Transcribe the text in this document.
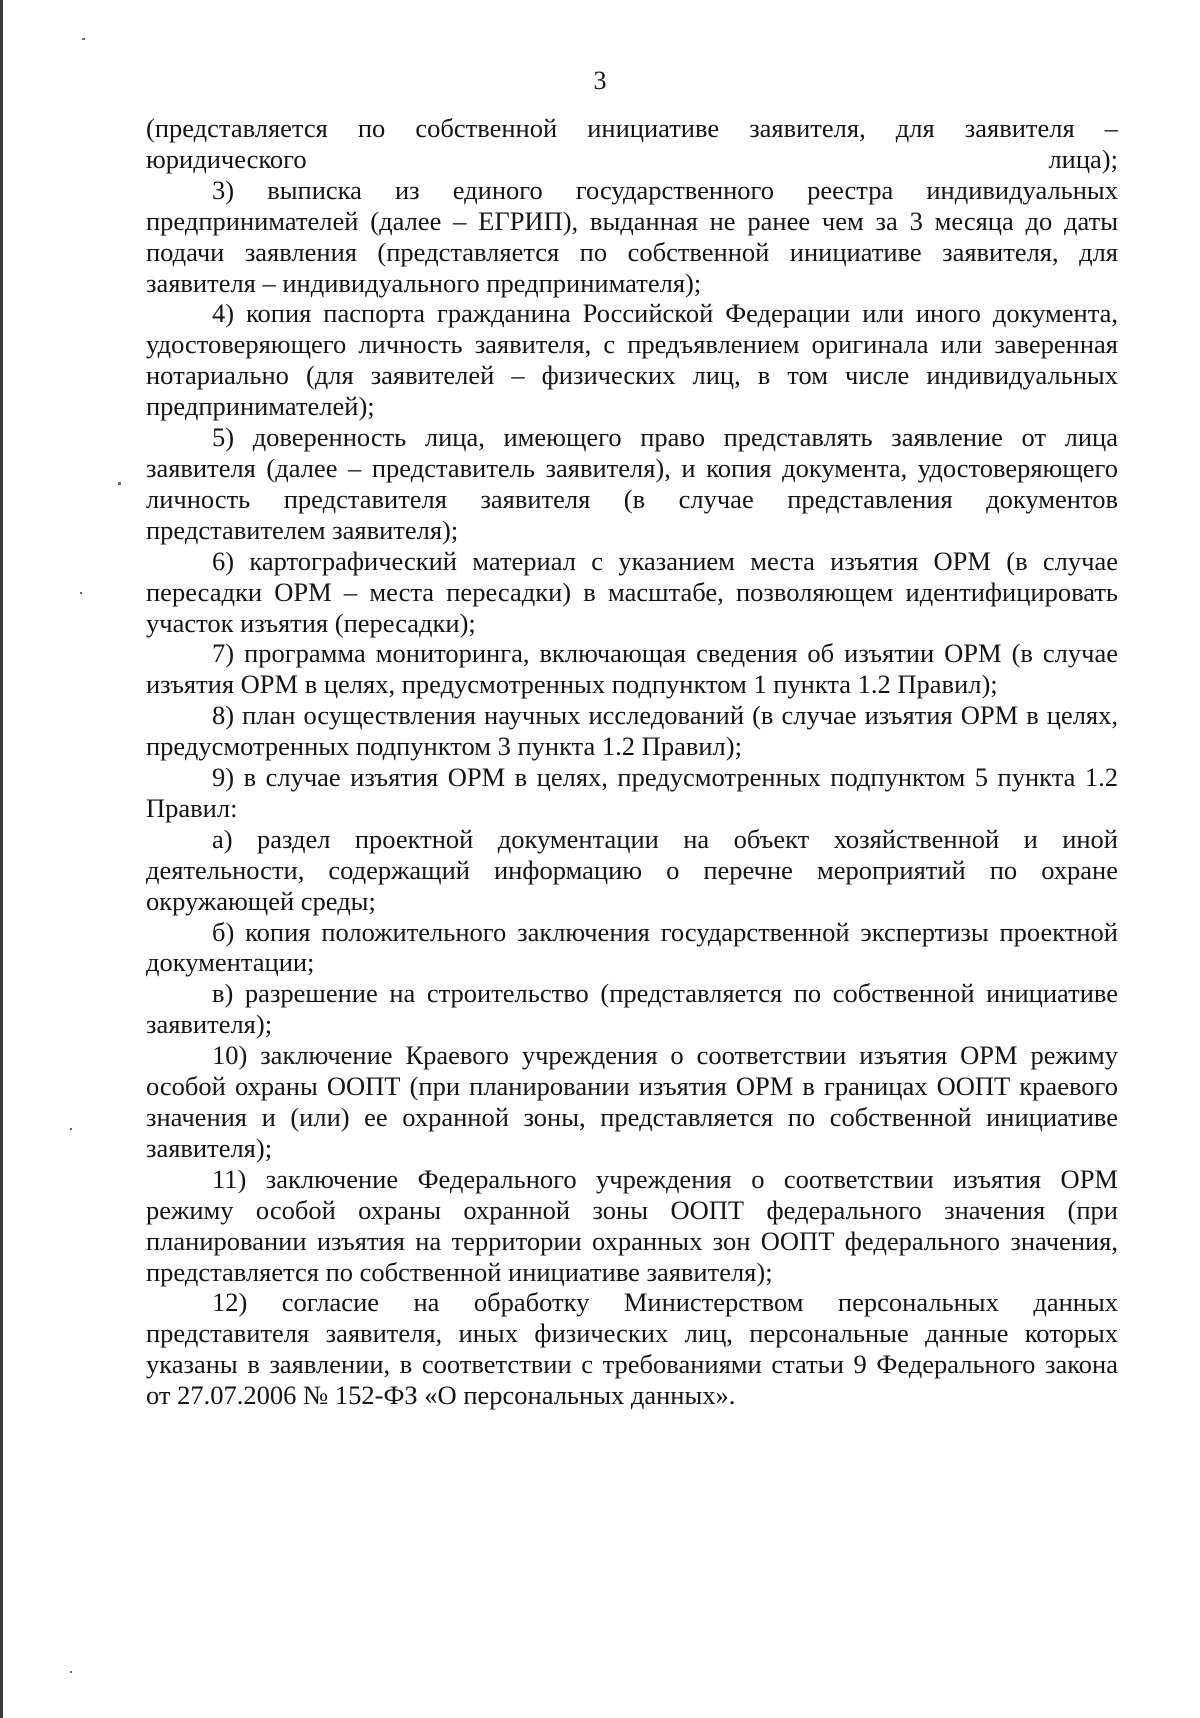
3

(представляется по собственной инициативе заявителя, для заявителя – юридического лица);

3) выписка из единого государственного реестра индивидуальных предпринимателей (далее – ЕГРИП), выданная не ранее чем за 3 месяца до даты подачи заявления (представляется по собственной инициативе заявителя, для заявителя – индивидуального предпринимателя);

4) копия паспорта гражданина Российской Федерации или иного документа, удостоверяющего личность заявителя, с предъявлением оригинала или заверенная нотариально (для заявителей – физических лиц, в том числе индивидуальных предпринимателей);

5) доверенность лица, имеющего право представлять заявление от лица заявителя (далее – представитель заявителя), и копия документа, удостоверяющего личность представителя заявителя (в случае представления документов представителем заявителя);

6) картографический материал с указанием места изъятия ОРМ (в случае пересадки ОРМ – места пересадки) в масштабе, позволяющем идентифицировать участок изъятия (пересадки);

7) программа мониторинга, включающая сведения об изъятии ОРМ (в случае изъятия ОРМ в целях, предусмотренных подпунктом 1 пункта 1.2 Правил);

8) план осуществления научных исследований (в случае изъятия ОРМ в целях, предусмотренных подпунктом 3 пункта 1.2 Правил);

9) в случае изъятия ОРМ в целях, предусмотренных подпунктом 5 пункта 1.2 Правил:

а) раздел проектной документации на объект хозяйственной и иной деятельности, содержащий информацию о перечне мероприятий по охране окружающей среды;

б) копия положительного заключения государственной экспертизы проектной документации;

в) разрешение на строительство (представляется по собственной инициативе заявителя);

10) заключение Краевого учреждения о соответствии изъятия ОРМ режиму особой охраны ООПТ (при планировании изъятия ОРМ в границах ООПТ краевого значения и (или) ее охранной зоны, представляется по собственной инициативе заявителя);

11) заключение Федерального учреждения о соответствии изъятия ОРМ режиму особой охраны охранной зоны ООПТ федерального значения (при планировании изъятия на территории охранных зон ООПТ федерального значения, представляется по собственной инициативе заявителя);

12) согласие на обработку Министерством персональных данных представителя заявителя, иных физических лиц, персональные данные которых указаны в заявлении, в соответствии с требованиями статьи 9 Федерального закона от 27.07.2006 № 152-ФЗ «О персональных данных».
